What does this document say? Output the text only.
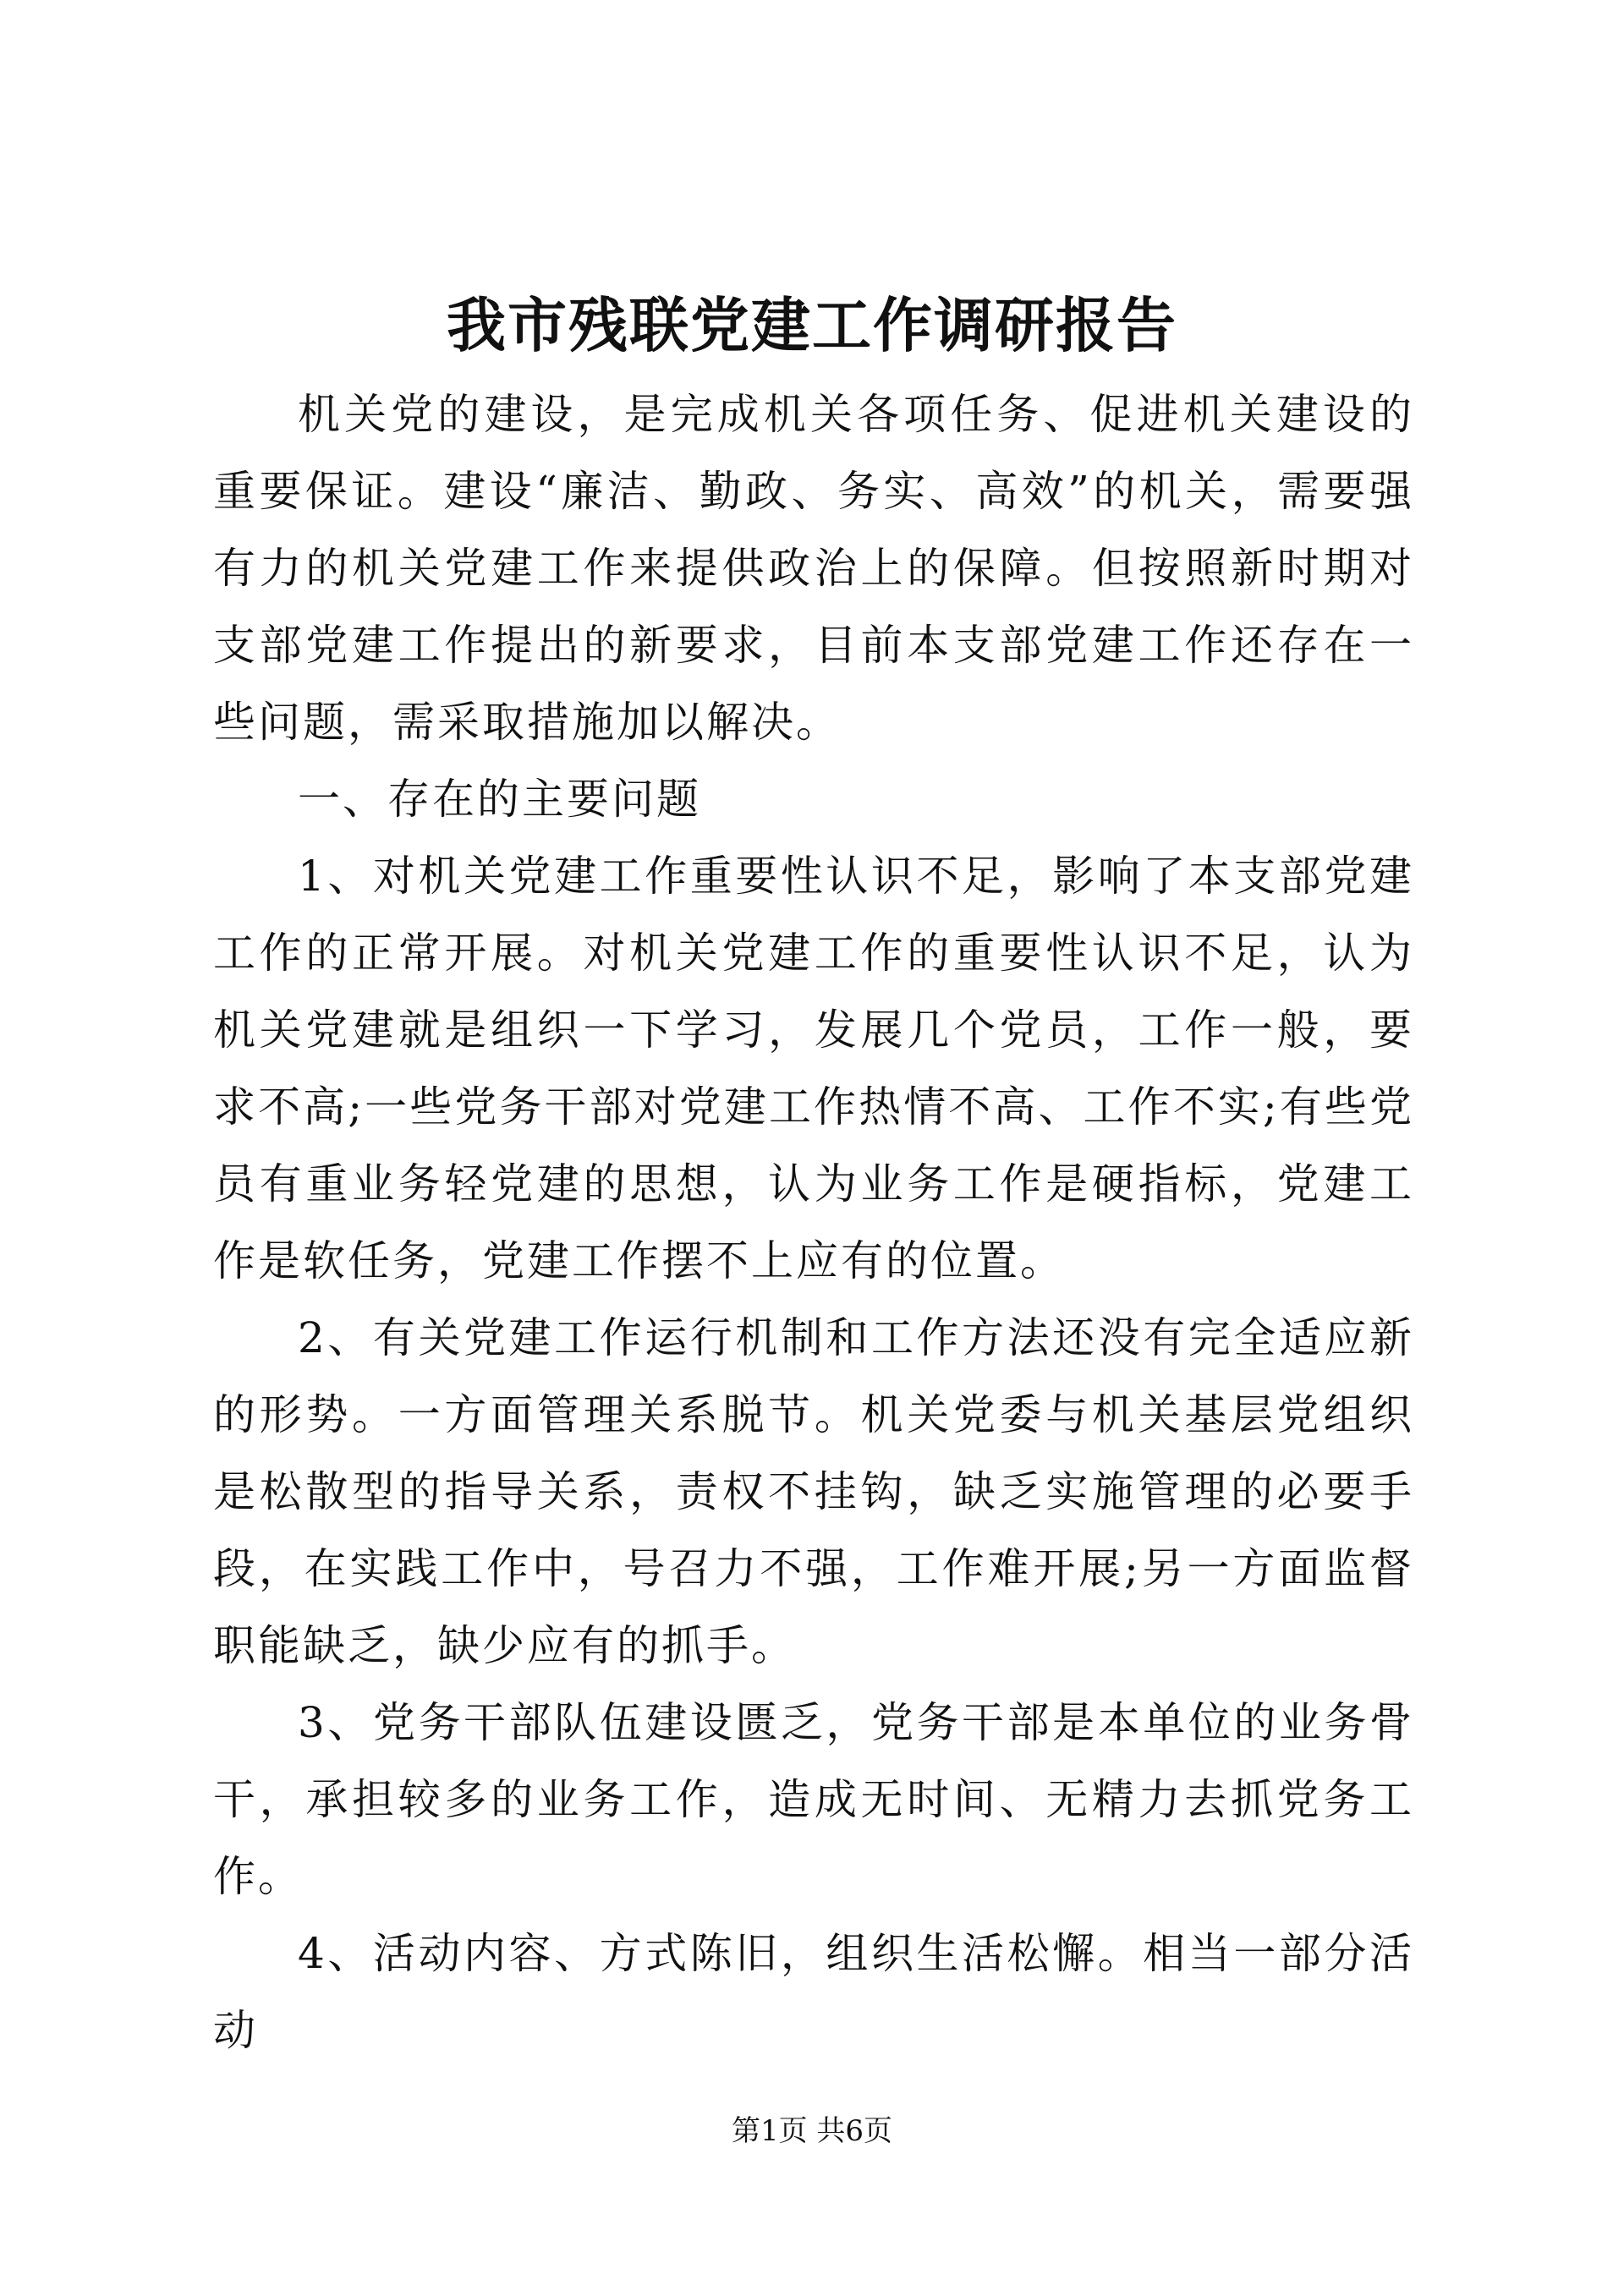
我市残联党建工作调研报告

机关党的建设，是完成机关各项任务、促进机关建设的重要保证。建设“廉洁、勤政、务实、高效”的机关，需要强有力的机关党建工作来提供政治上的保障。但按照新时期对支部党建工作提出的新要求，目前本支部党建工作还存在一些问题，需采取措施加以解决。

一、存在的主要问题

1、对机关党建工作重要性认识不足，影响了本支部党建工作的正常开展。对机关党建工作的重要性认识不足，认为机关党建就是组织一下学习，发展几个党员，工作一般，要求不高;一些党务干部对党建工作热情不高、工作不实;有些党员有重业务轻党建的思想，认为业务工作是硬指标，党建工作是软任务，党建工作摆不上应有的位置。

2、有关党建工作运行机制和工作方法还没有完全适应新的形势。一方面管理关系脱节。机关党委与机关基层党组织是松散型的指导关系，责权不挂钩，缺乏实施管理的必要手段，在实践工作中，号召力不强，工作难开展;另一方面监督职能缺乏，缺少应有的抓手。

3、党务干部队伍建设匮乏，党务干部是本单位的业务骨干，承担较多的业务工作，造成无时间、无精力去抓党务工作。

4、活动内容、方式陈旧，组织生活松懈。相当一部分活动

第1页 共6页
